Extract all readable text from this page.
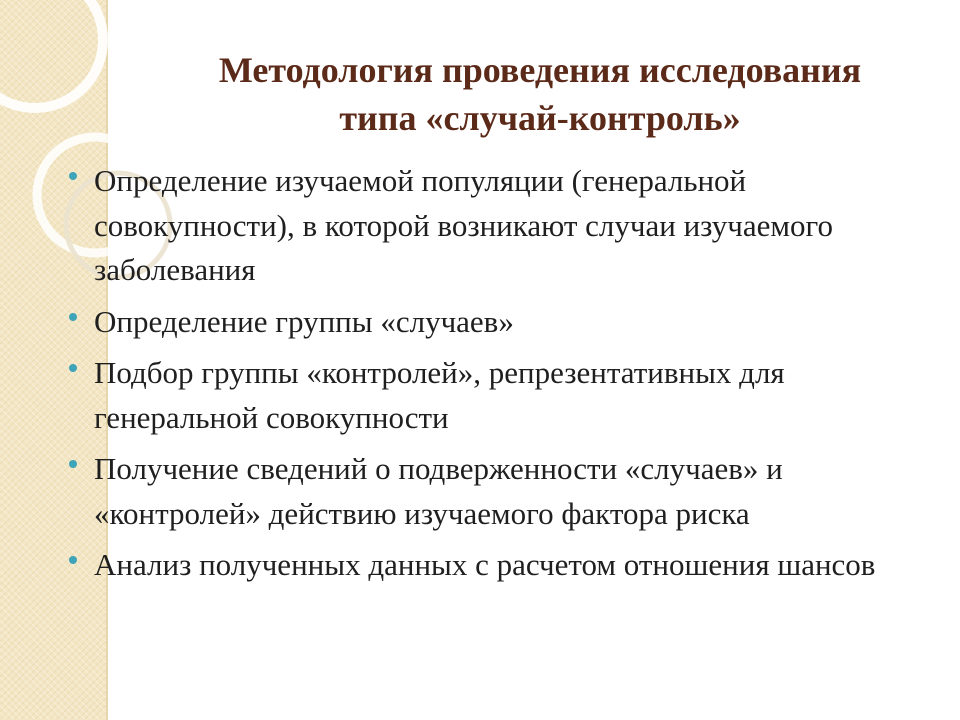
Методология проведения исследования
типа «случай-контроль»
Определение изучаемой популяции (генеральной совокупности), в которой возникают случаи изучаемого заболевания
Определение группы «случаев»
Подбор группы «контролей», репрезентативных для генеральной совокупности
Получение сведений о подверженности «случаев» и «контролей» действию изучаемого фактора риска
Анализ полученных данных с расчетом отношения шансов
